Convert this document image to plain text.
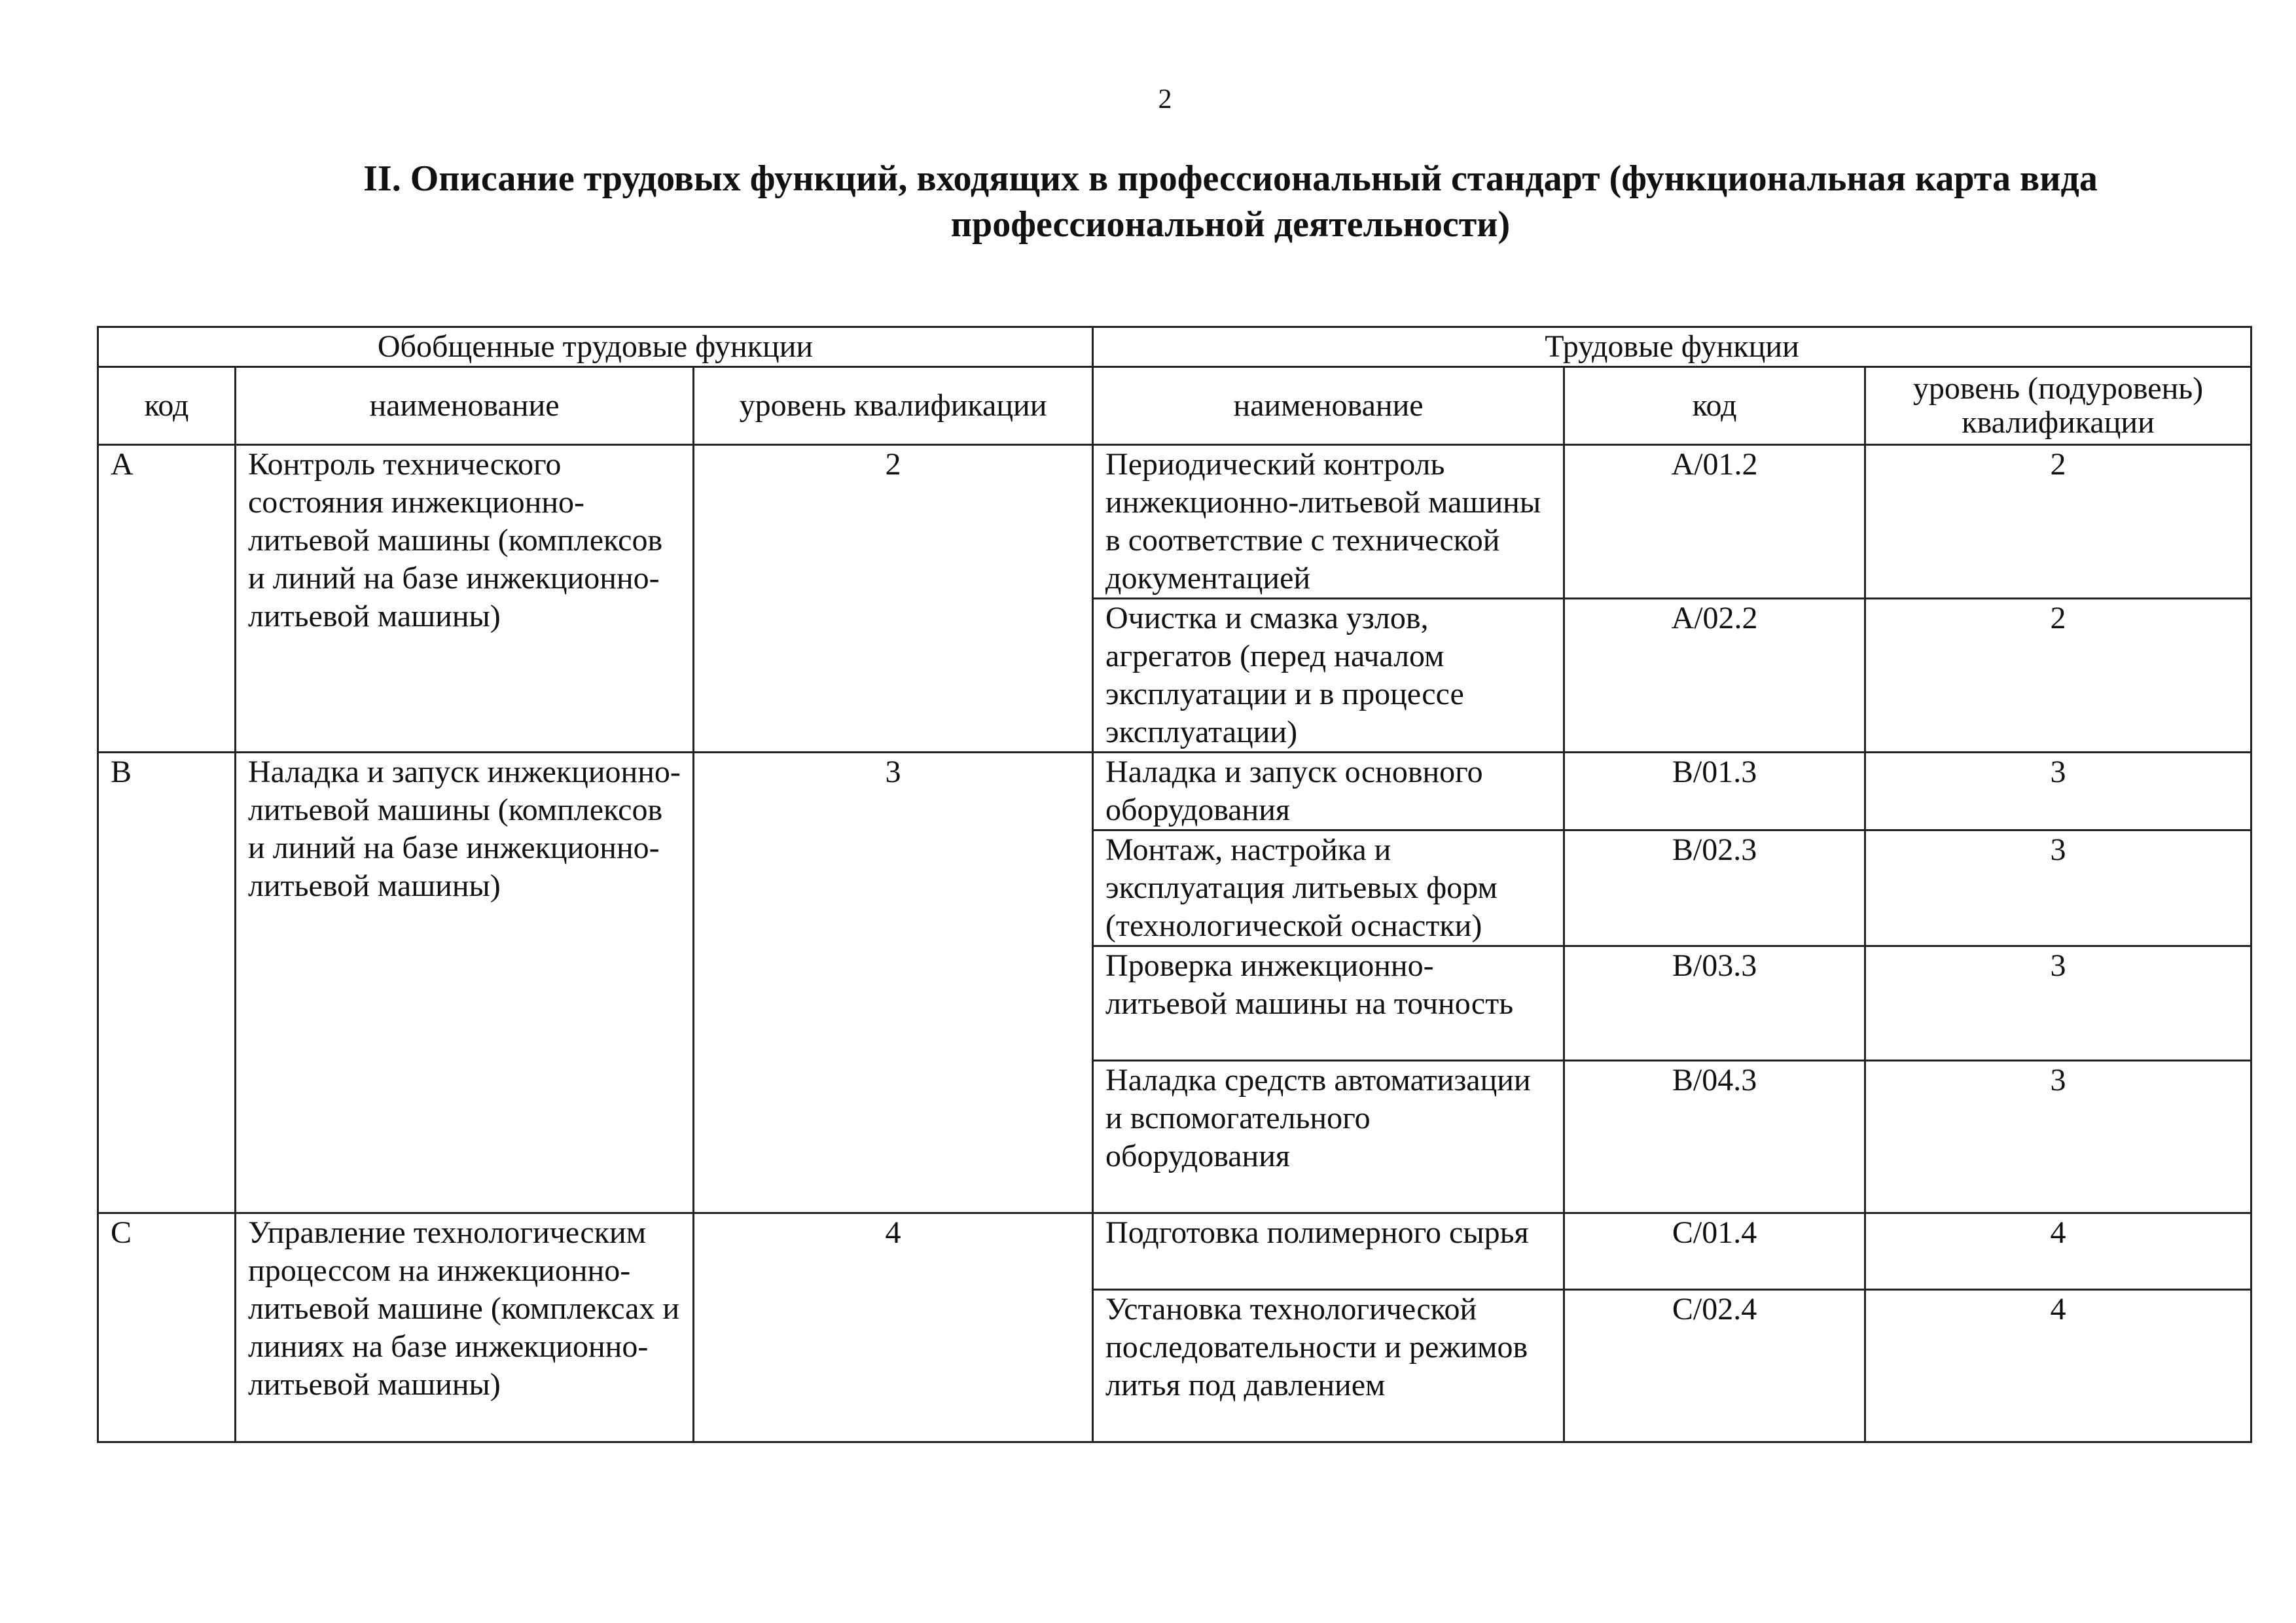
2
II. Описание трудовых функций, входящих в профессиональный стандарт (функциональная карта вида профессиональной деятельности)
Обобщенные трудовые функции			Трудовые функции		
код	наименование	уровень квалификации	наименование	код	уровень (подуровень) квалификации
A	Контроль технического состояния инжекционно-литьевой машины (комплексов и линий на базе инжекционно-литьевой машины)	2	Периодический контроль инжекционно-литьевой машины в соответствие с технической документацией	A/01.2	2
			Очистка и смазка узлов, агрегатов (перед началом эксплуатации и в процессе эксплуатации)	A/02.2	2
B	Наладка и запуск инжекционно-литьевой машины (комплексов и линий на базе инжекционно-литьевой машины)	3	Наладка и запуск основного оборудования	B/01.3	3
			Монтаж, настройка и эксплуатация литьевых форм (технологической оснастки)	B/02.3	3
			Проверка инжекционно-литьевой машины на точность	B/03.3	3
			Наладка средств автоматизации и вспомогательного оборудования	B/04.3	3
C	Управление технологическим процессом на инжекционно-литьевой машине (комплексах и линиях на базе инжекционно-литьевой машины)	4	Подготовка полимерного сырья	C/01.4	4
			Установка технологической последовательности и режимов литья под давлением	C/02.4	4
